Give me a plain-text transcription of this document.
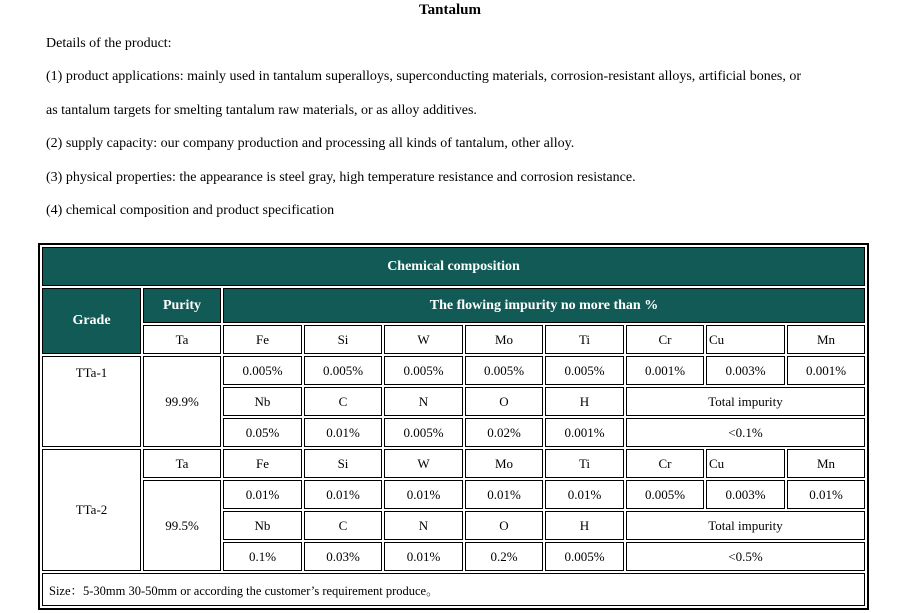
Tantalum
Details of the product:
(1) product applications: mainly used in tantalum superalloys, superconducting materials, corrosion-resistant alloys, artificial bones, or
as tantalum targets for smelting tantalum raw materials, or as alloy additives.
(2) supply capacity: our company production and processing all kinds of tantalum, other alloy.
(3) physical properties: the appearance is steel gray, high temperature resistance and corrosion resistance.
(4) chemical composition and product specification
Chemical composition									
Grade	Purity	The flowing impurity no more than %							
	Ta	Fe	Si	W	Mo	Ti	Cr	Cu	Mn
TTa-1	99.9%	0.005%	0.005%	0.005%	0.005%	0.005%	0.001%	0.003%	0.001%
		Nb	C	N	O	H	Total impurity		
		0.05%	0.01%	0.005%	0.02%	0.001%	<0.1%		
TTa-2	Ta	Fe	Si	W	Mo	Ti	Cr	Cu	Mn
	99.5%	0.01%	0.01%	0.01%	0.01%	0.01%	0.005%	0.003%	0.01%
		Nb	C	N	O	H	Total impurity		
		0.1%	0.03%	0.01%	0.2%	0.005%	<0.5%		
Size：5-30mm 30-50mm or according the customer’s requirement produce。									
